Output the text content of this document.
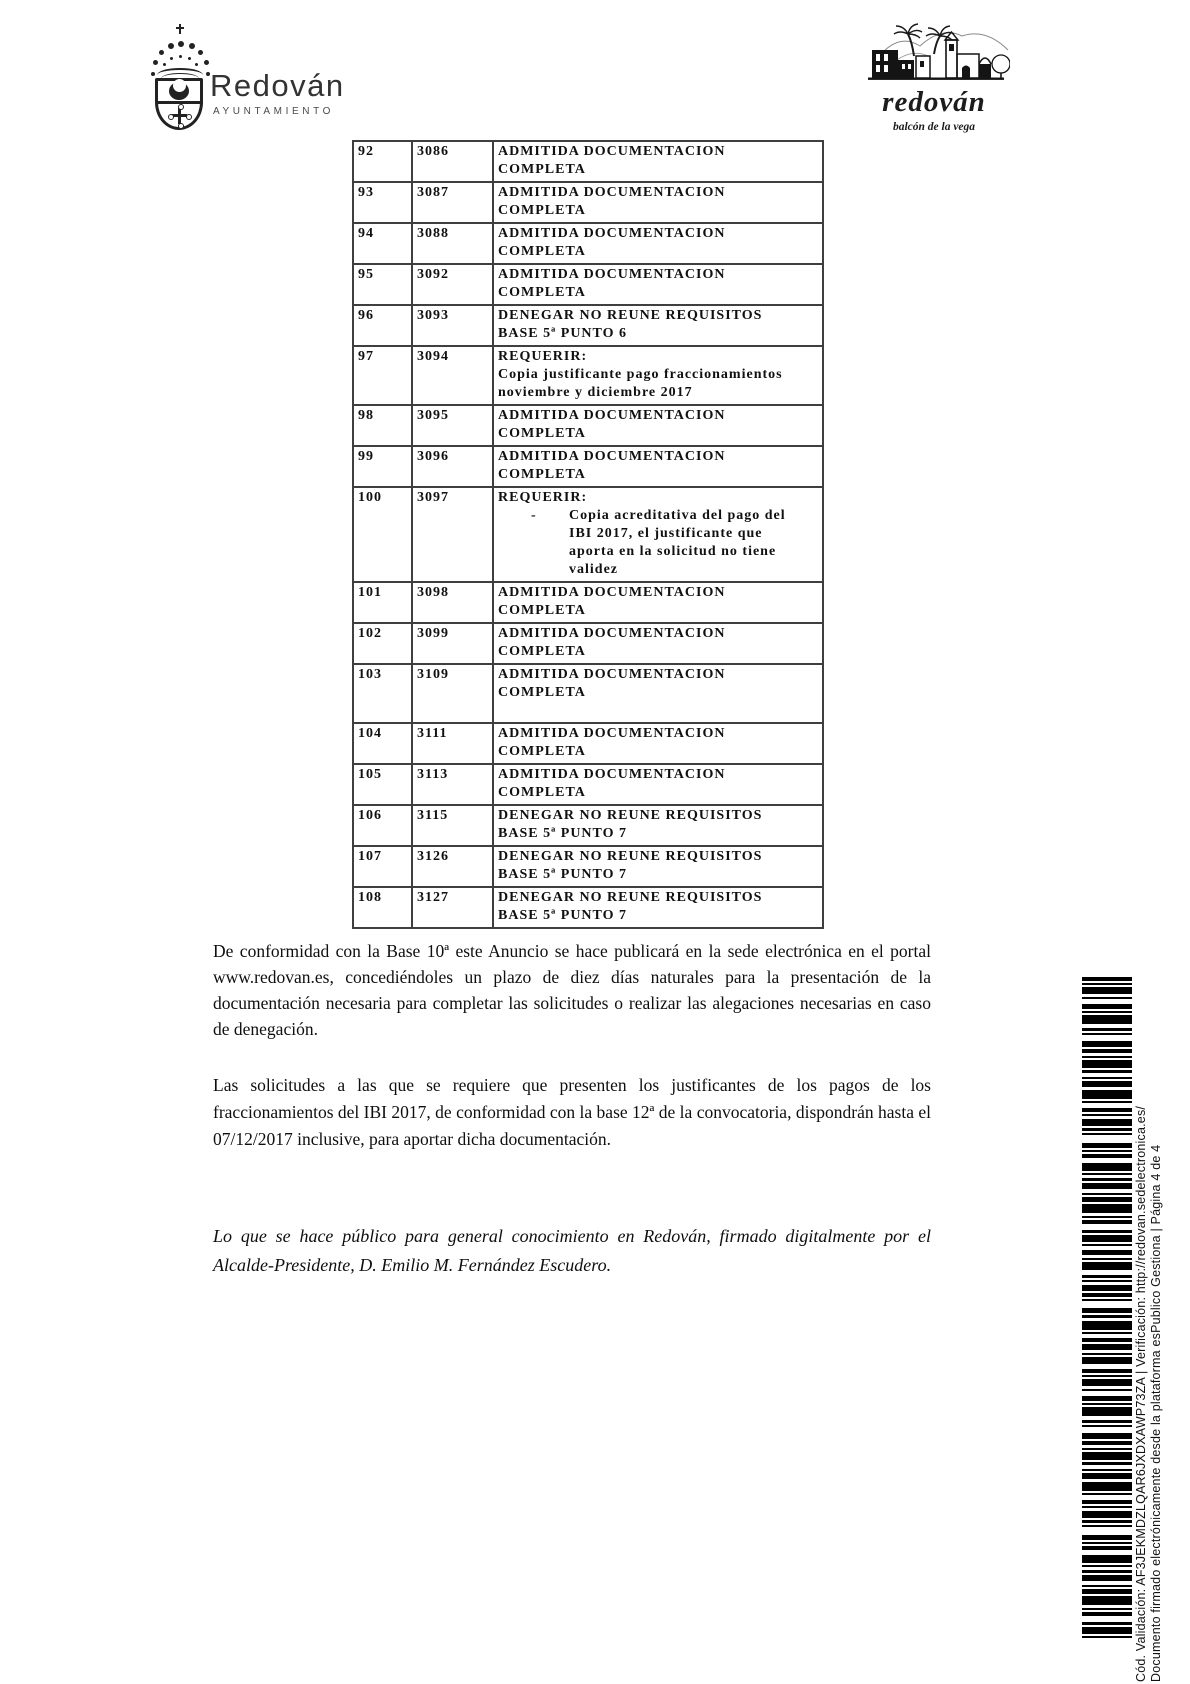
Redován
AYUNTAMIENTO	redován
balcón de la vega
92	3086	ADMITIDA DOCUMENTACION
COMPLETA

93	3087	ADMITIDA DOCUMENTACION
COMPLETA

94	3088	ADMITIDA DOCUMENTACION
COMPLETA

95	3092	ADMITIDA DOCUMENTACION
COMPLETA

96	3093	DENEGAR NO REUNE REQUISITOS
BASE 5ª PUNTO 6

97	3094	REQUERIR:
Copia justificante pago fraccionamientos
noviembre y diciembre 2017

98	3095	ADMITIDA DOCUMENTACION
COMPLETA

99	3096	ADMITIDA DOCUMENTACION
COMPLETA

100	3097	REQUERIR:
-	Copia acreditativa del pago del
IBI 2017, el justificante que
aporta en la solicitud no tiene
validez

101	3098	ADMITIDA DOCUMENTACION
COMPLETA

102	3099	ADMITIDA DOCUMENTACION
COMPLETA

103	3109	ADMITIDA DOCUMENTACION
COMPLETA

104	3111	ADMITIDA DOCUMENTACION
COMPLETA

105	3113	ADMITIDA DOCUMENTACION
COMPLETA

106	3115	DENEGAR NO REUNE REQUISITOS
BASE 5ª PUNTO 7

107	3126	DENEGAR NO REUNE REQUISITOS
BASE 5ª PUNTO 7

108	3127	DENEGAR NO REUNE REQUISITOS
BASE 5ª PUNTO 7
De conformidad con la Base 10ª este Anuncio se hace publicará en la sede electrónica en el portal www.redovan.es, concediéndoles un plazo de diez días naturales para la presentación de la documentación necesaria para completar las solicitudes o realizar las alegaciones necesarias en caso de denegación.
Las solicitudes a las que se requiere que presenten los justificantes de los pagos de los fraccionamientos del IBI 2017, de conformidad con la base 12ª de la convocatoria, dispondrán hasta el 07/12/2017 inclusive, para aportar dicha documentación.
Lo que se hace público para general conocimiento en Redován, firmado digitalmente por el Alcalde-Presidente, D. Emilio M. Fernández Escudero.	Cód. Validación: AF3JEKMDZLQAR6JXDXAWP73ZA | Verificación: http://redovan.sedelectronica.es/ Documento firmado electrónicamente desde la plataforma esPublico Gestiona | Página 4 de 4
